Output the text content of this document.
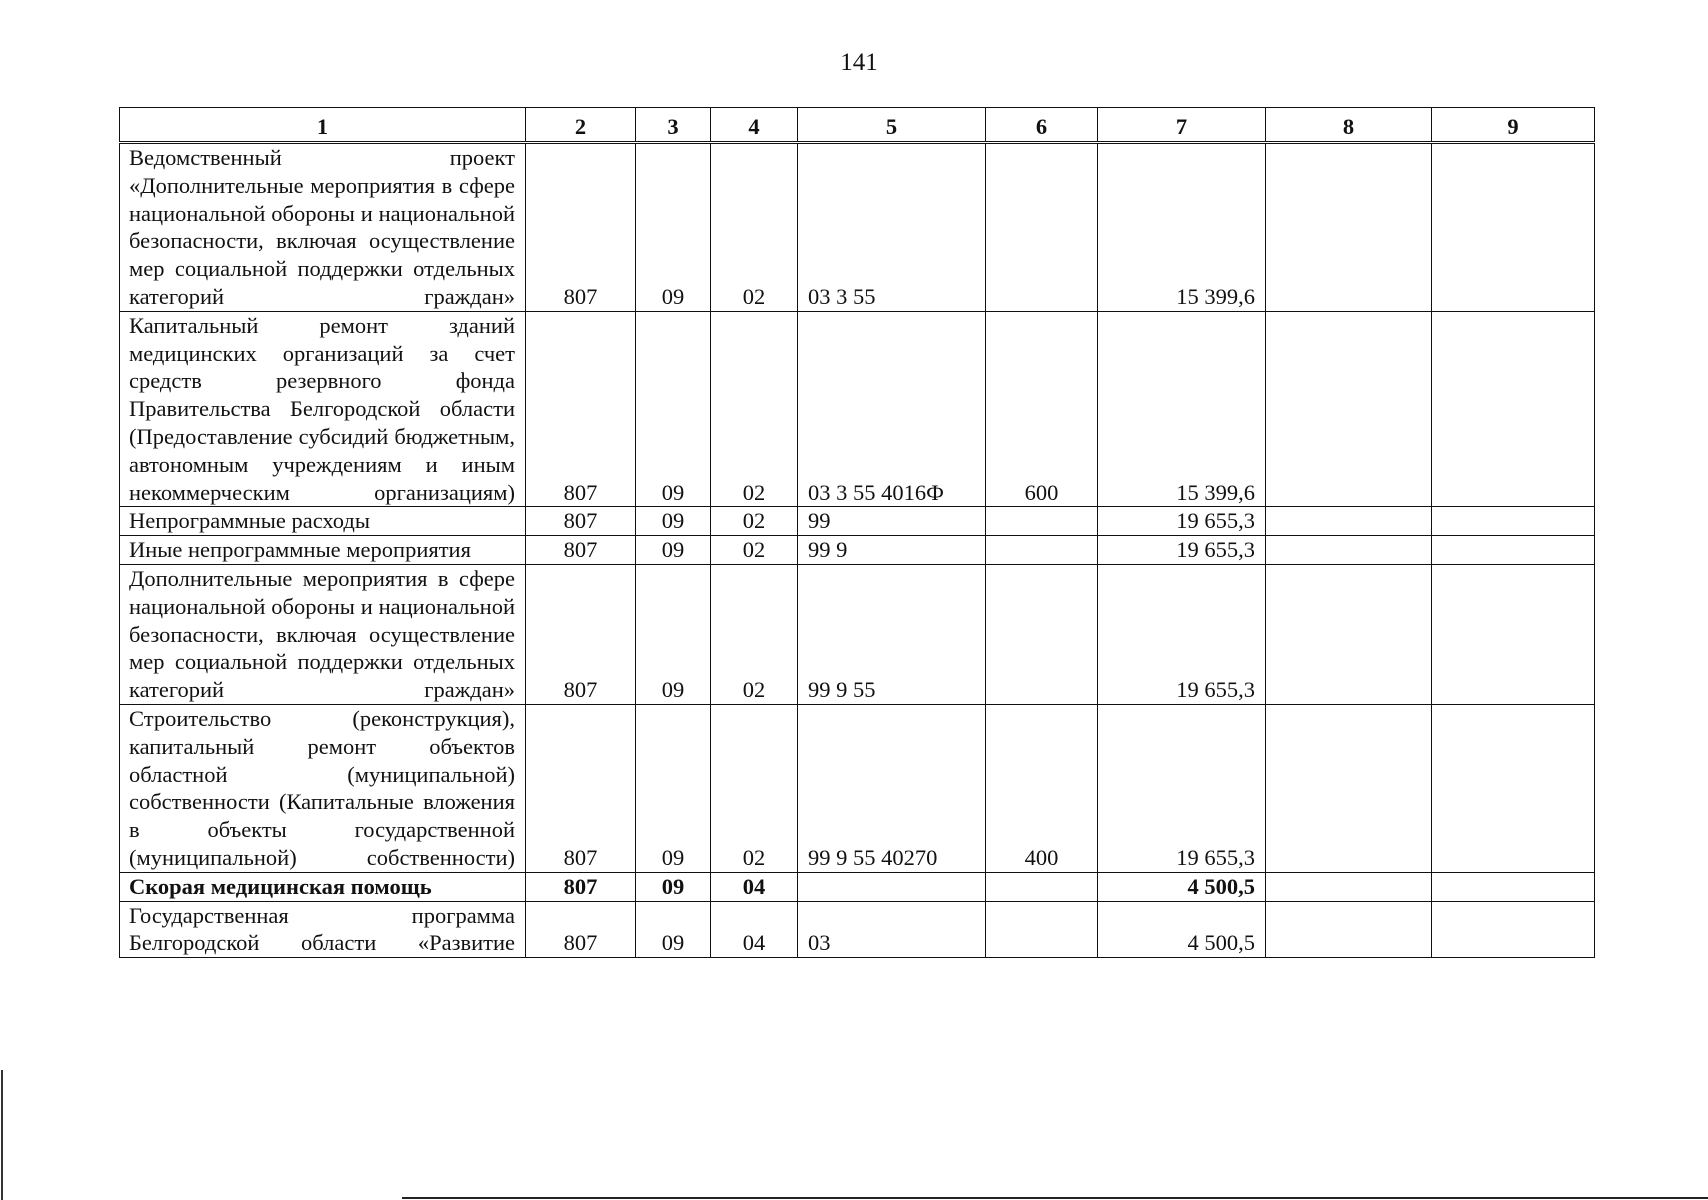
141
1	2	3	4	5	6	7	8	9
Ведомственный проект «Дополнительные мероприятия в сфере национальной обороны и национальной безопасности, включая осуществление мер социальной поддержки отдельных категорий граждан»	807	09	02	03 3 55		15 399,6		
Капитальный ремонт зданий медицинских организаций за счет средств резервного фонда Правительства Белгородской области (Предоставление субсидий бюджетным, автономным учреждениям и иным некоммерческим организациям)	807	09	02	03 3 55 4016Ф	600	15 399,6		
Непрограммные расходы	807	09	02	99		19 655,3		
Иные непрограммные мероприятия	807	09	02	99 9		19 655,3		
Дополнительные мероприятия в сфере национальной обороны и национальной безопасности, включая осуществление мер социальной поддержки отдельных категорий граждан»	807	09	02	99 9 55		19 655,3		
Строительство (реконструкция), капитальный ремонт объектов областной (муниципальной) собственности (Капитальные вложения в объекты государственной (муниципальной) собственности)	807	09	02	99 9 55 40270	400	19 655,3		
Скорая медицинская помощь	807	09	04			4 500,5		
Государственная программа Белгородской области «Развитие	807	09	04	03		4 500,5		
